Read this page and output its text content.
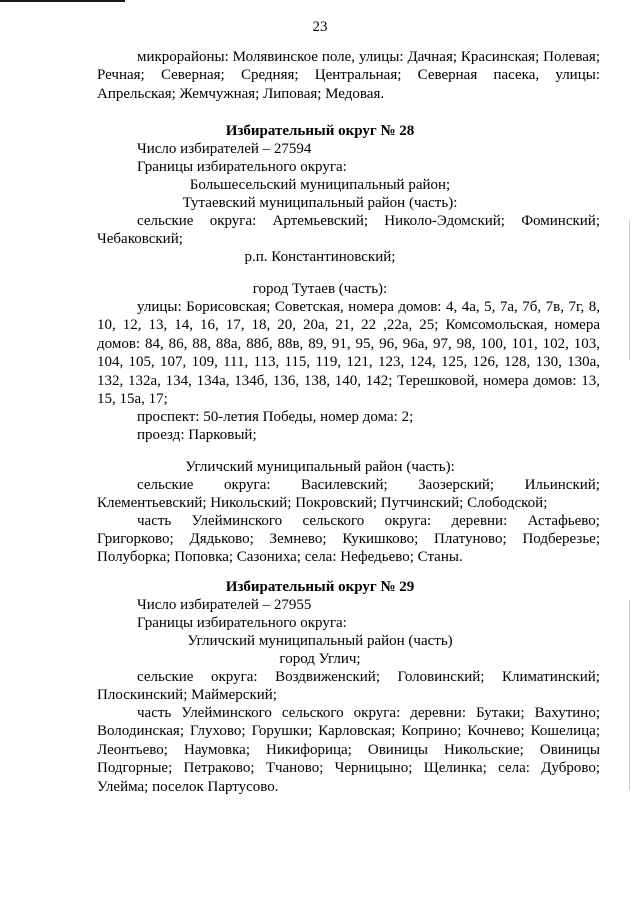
23
микрорайоны: Молявинское поле, улицы: Дачная; Красинская; Полевая; Речная; Северная; Средняя; Центральная; Северная пасека, улицы: Апрельская; Жемчужная; Липовая; Медовая.
Избирательный округ № 28
Число избирателей – 27594
Границы избирательного округа:
Большесельский муниципальный район;
Тутаевский муниципальный район (часть):
сельские округа: Артемьевский; Николо-Эдомский; Фоминский;
Чебаковский;
р.п. Константиновский;
город Тутаев (часть):
улицы: Борисовская; Советская, номера домов: 4, 4а, 5, 7а, 7б, 7в, 7г, 8, 10, 12, 13, 14, 16, 17, 18, 20, 20а, 21, 22 ,22а, 25; Комсомольская, номера домов: 84, 86, 88, 88а, 88б, 88в, 89, 91, 95, 96, 96а, 97, 98, 100, 101, 102, 103, 104, 105, 107, 109, 111, 113, 115, 119, 121, 123, 124, 125, 126, 128, 130, 130а, 132, 132а, 134, 134а, 134б, 136, 138, 140, 142; Терешковой, номера домов: 13, 15, 15а, 17;
проспект: 50-летия Победы, номер дома: 2;
проезд: Парковый;
Угличский муниципальный район (часть):
сельские округа: Василевский; Заозерский; Ильинский;
Клементьевский; Никольский; Покровский; Путчинский; Слободской;
часть Улейминского сельского округа: деревни: Астафьево;
Григорково; Дядьково; Земнево; Кукишково; Платуново; Подберезье; Полуборка; Поповка; Сазониха; села: Нефедьево; Станы.
Избирательный округ № 29
Число избирателей – 27955
Границы избирательного округа:
Угличский муниципальный район (часть)
город Углич;
сельские округа: Воздвиженский; Головинский; Климатинский;
Плоскинский; Маймерский;
часть Улейминского сельского округа: деревни: Бутаки; Вахутино; Володинская; Глухово; Горушки; Карловская; Коприно; Кочнево; Кошелица; Леонтьево; Наумовка; Никифорица; Овиницы Никольские; Овиницы Подгорные; Петраково; Тчаново; Черницыно; Щелинка; села: Дуброво; Улейма; поселок Партусово.
